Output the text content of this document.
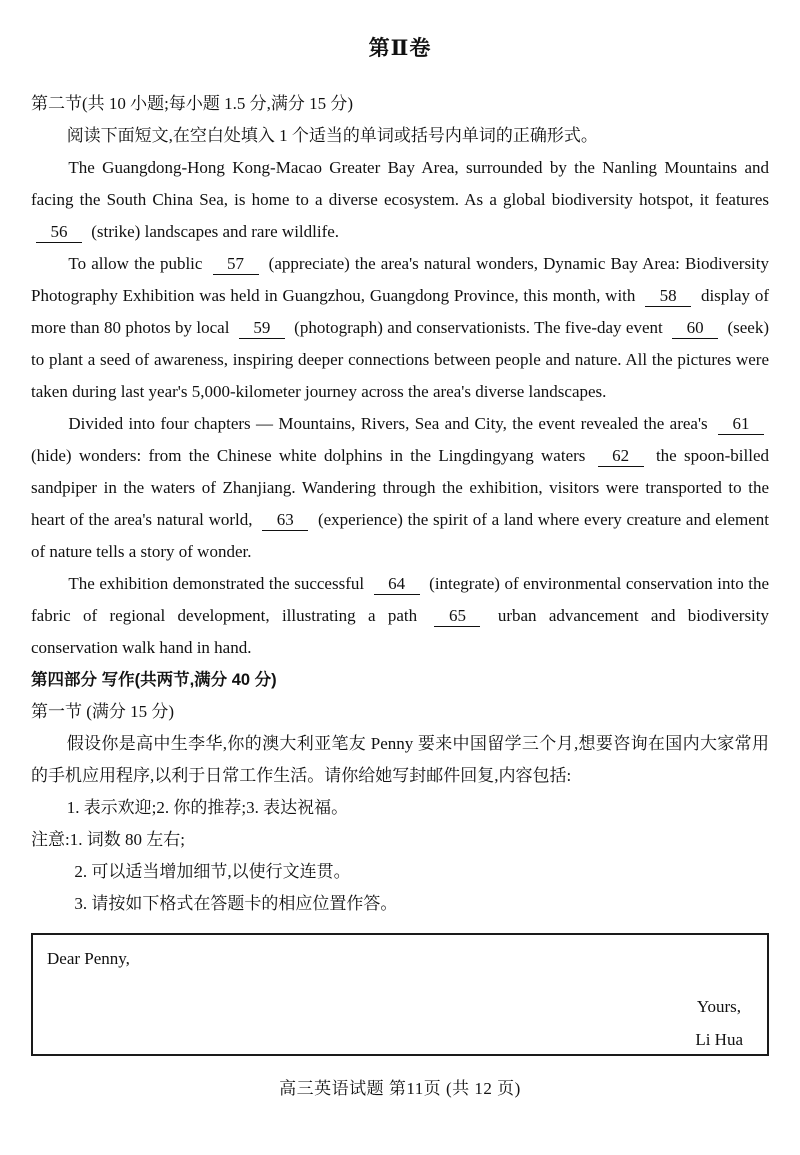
第Ⅱ卷

第二节(共 10 小题;每小题 1.5 分,满分 15 分)

阅读下面短文,在空白处填入 1 个适当的单词或括号内单词的正确形式。

The Guangdong-Hong Kong-Macao Greater Bay Area, surrounded by the Nanling Mountains and facing the South China Sea, is home to a diverse ecosystem. As a global biodiversity hotspot, it features 56 (strike) landscapes and rare wildlife.

To allow the public 57 (appreciate) the area's natural wonders, Dynamic Bay Area: Biodiversity Photography Exhibition was held in Guangzhou, Guangdong Province, this month, with 58 display of more than 80 photos by local 59 (photograph) and conservationists. The five-day event 60 (seek) to plant a seed of awareness, inspiring deeper connections between people and nature. All the pictures were taken during last year's 5,000-kilometer journey across the area's diverse landscapes.

Divided into four chapters — Mountains, Rivers, Sea and City, the event revealed the area's 61 (hide) wonders: from the Chinese white dolphins in the Lingdingyang waters 62 the spoon-billed sandpiper in the waters of Zhanjiang. Wandering through the exhibition, visitors were transported to the heart of the area's natural world, 63 (experience) the spirit of a land where every creature and element of nature tells a story of wonder.

The exhibition demonstrated the successful 64 (integrate) of environmental conservation into the fabric of regional development, illustrating a path 65 urban advancement and biodiversity conservation walk hand in hand.

第四部分 写作(共两节,满分 40 分)

第一节 (满分 15 分)

假设你是高中生李华,你的澳大利亚笔友 Penny 要来中国留学三个月,想要咨询在国内大家常用的手机应用程序,以利于日常工作生活。请你给她写封邮件回复,内容包括:

1. 表示欢迎;2. 你的推荐;3. 表达祝福。

注意:1. 词数 80 左右;

2. 可以适当增加细节,以使行文连贯。

3. 请按如下格式在答题卡的相应位置作答。

Dear Penny,
Yours,
Li Hua
高三英语试题 第11页 (共 12 页)
